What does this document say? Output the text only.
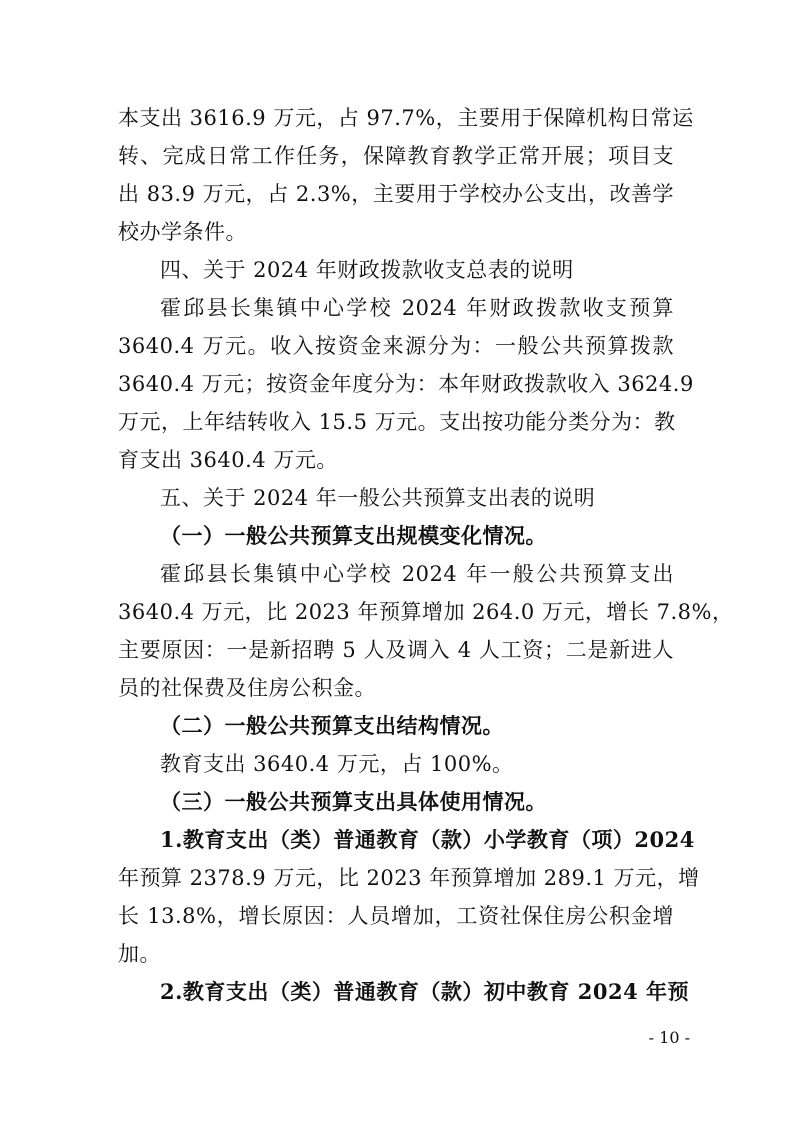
本支出 3616.9 万元，占 97.7%，主要用于保障机构日常运
转、完成日常工作任务，保障教育教学正常开展；项目支
出 83.9 万元，占 2.3%，主要用于学校办公支出，改善学
校办学条件。
四、关于 2024 年财政拨款收支总表的说明
霍邱县长集镇中心学校 2024 年财政拨款收支预算
3640.4 万元。收入按资金来源分为：一般公共预算拨款
3640.4 万元；按资金年度分为：本年财政拨款收入 3624.9
万元，上年结转收入 15.5 万元。支出按功能分类分为：教
育支出 3640.4 万元。
五、关于 2024 年一般公共预算支出表的说明
（一）一般公共预算支出规模变化情况。
霍邱县长集镇中心学校 2024 年一般公共预算支出
3640.4 万元，比 2023 年预算增加 264.0 万元，增长 7.8%，
主要原因：一是新招聘 5 人及调入 4 人工资；二是新进人
员的社保费及住房公积金。
（二）一般公共预算支出结构情况。
教育支出 3640.4 万元，占 100%。
（三）一般公共预算支出具体使用情况。
1.教育支出（类）普通教育（款）小学教育（项）2024
年预算 2378.9 万元，比 2023 年预算增加 289.1 万元，增
长 13.8%，增长原因：人员增加，工资社保住房公积金增
加。
2.教育支出（类）普通教育（款）初中教育 2024 年预
- 10 -
